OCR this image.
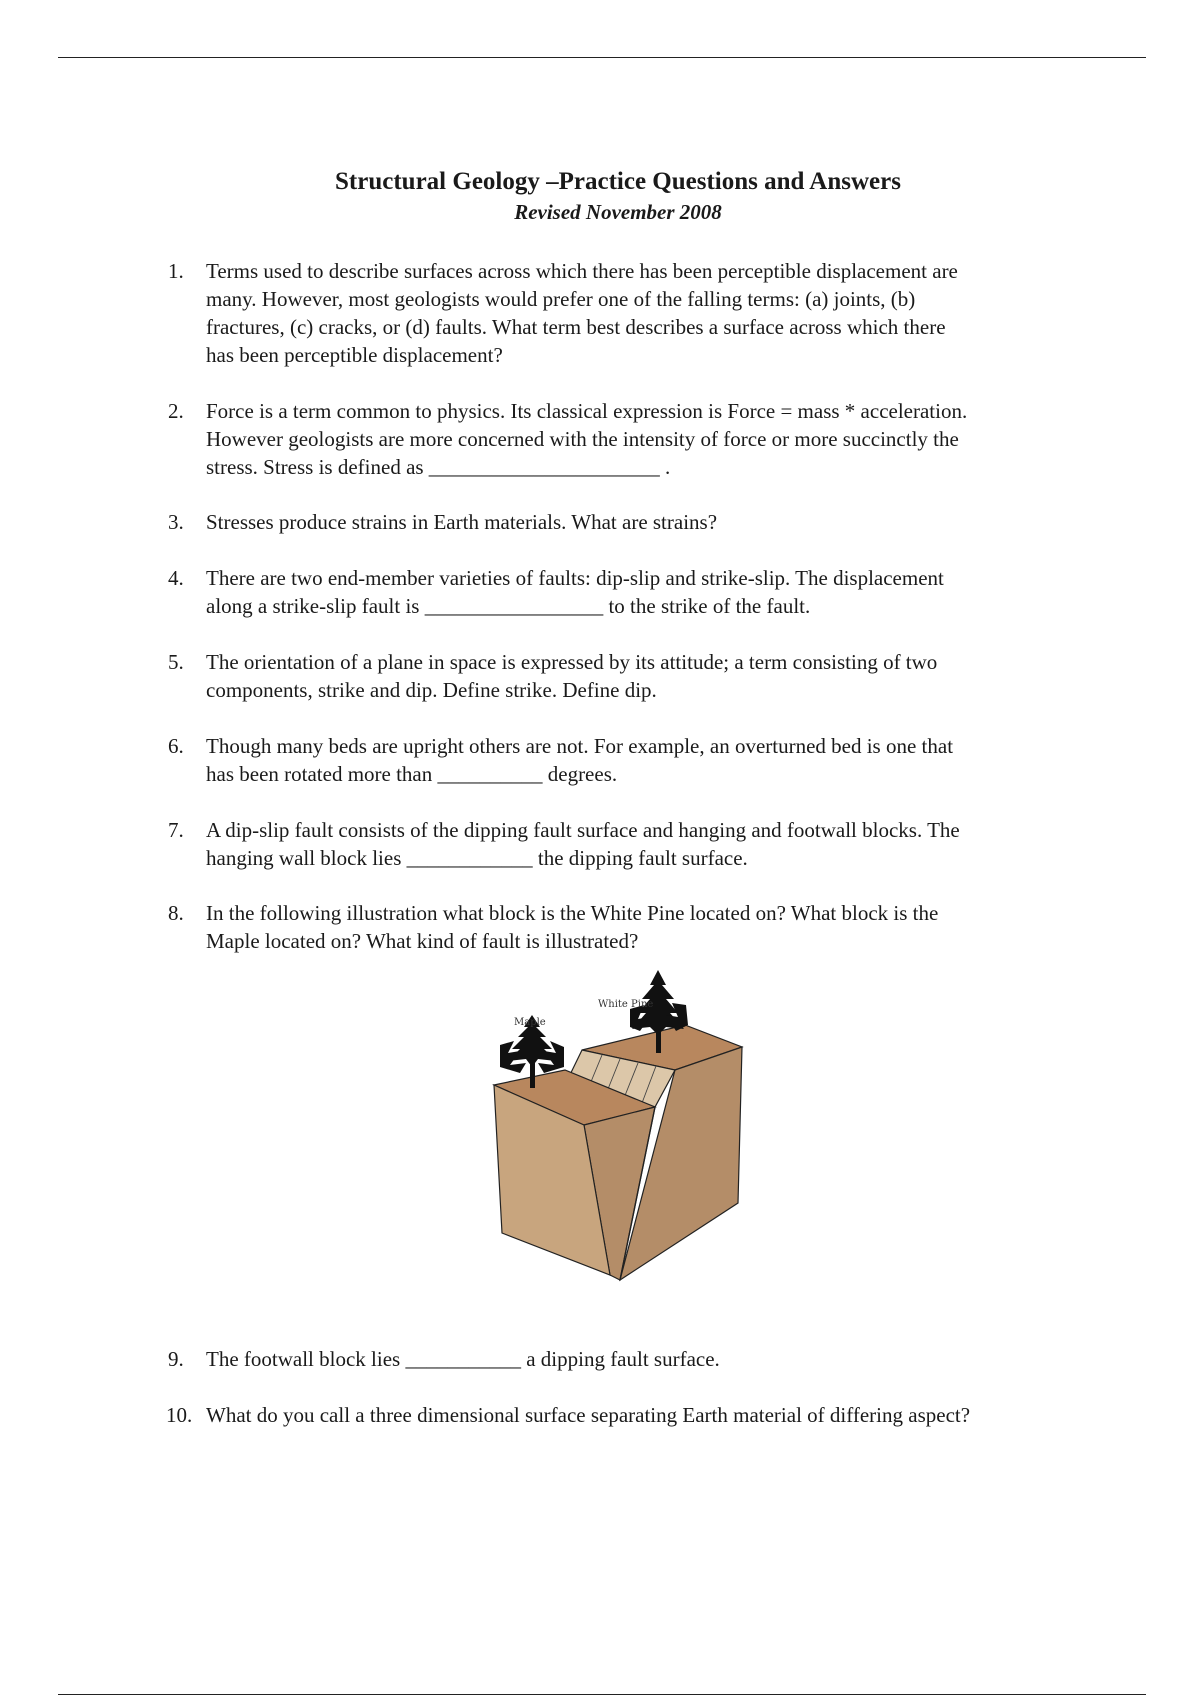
Structural Geology –Practice Questions and Answers
Revised November 2008
1. Terms used to describe surfaces across which there has been perceptible displacement are
many. However, most geologists would prefer one of the falling terms: (a) joints, (b)
fractures, (c) cracks, or (d) faults. What term best describes a surface across which there
has been perceptible displacement?
2. Force is a term common to physics. Its classical expression is Force = mass * acceleration.
However geologists are more concerned with the intensity of force or more succinctly the
stress. Stress is defined as ______________________ .
3. Stresses produce strains in Earth materials. What are strains?
4. There are two end-member varieties of faults: dip-slip and strike-slip. The displacement
along a strike-slip fault is _________________ to the strike of the fault.
5. The orientation of a plane in space is expressed by its attitude; a term consisting of two
components, strike and dip. Define strike. Define dip.
6. Though many beds are upright others are not. For example, an overturned bed is one that
has been rotated more than __________ degrees.
7. A dip-slip fault consists of the dipping fault surface and hanging and footwall blocks. The
hanging wall block lies ____________ the dipping fault surface.
8. In the following illustration what block is the White Pine located on? What block is the
Maple located on? What kind of fault is illustrated?
Maple
White Pine
9. The footwall block lies ___________ a dipping fault surface.
10. What do you call a three dimensional surface separating Earth material of differing aspect?
